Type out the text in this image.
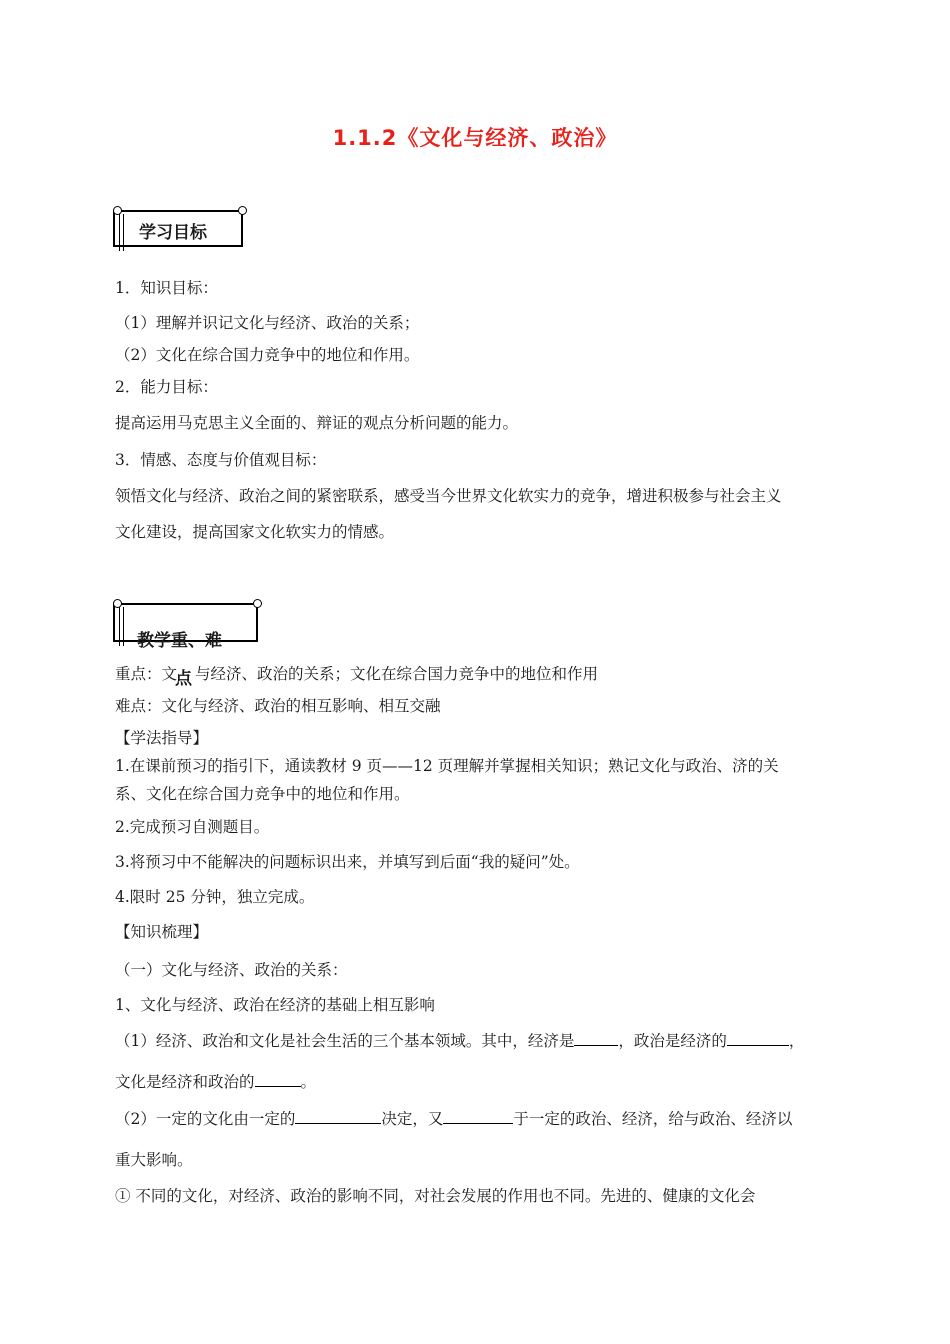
1.1.2《文化与经济、政治》
学习目标
1．知识目标：
（1）理解并识记文化与经济、政治的关系；
（2）文化在综合国力竞争中的地位和作用。
2．能力目标：
提高运用马克思主义全面的、辩证的观点分析问题的能力。
3．情感、态度与价值观目标：
领悟文化与经济、政治之间的紧密联系，感受当今世界文化软实力的竞争，增进积极参与社会主义
文化建设，提高国家文化软实力的情感。
教学重、难
点
重点：文 与经济、政治的关系；文化在综合国力竞争中的地位和作用
难点：文化与经济、政治的相互影响、相互交融
【学法指导】
1.在课前预习的指引下，通读教材 9 页——12 页理解并掌握相关知识；熟记文化与政治、济的关
系、文化在综合国力竞争中的地位和作用。
2.完成预习自测题目。
3.将预习中不能解决的问题标识出来，并填写到后面“我的疑问”处。
4.限时 25 分钟，独立完成。
【知识梳理】
（一）文化与经济、政治的关系：
1、文化与经济、政治在经济的基础上相互影响
（1）经济、政治和文化是社会生活的三个基本领域。其中，经济是	，政治是经济的	，
文化是经济和政治的	。
（2）一定的文化由一定的	决定，又	于一定的政治、经济，给与政治、经济以
重大影响。
① 不同的文化，对经济、政治的影响不同，对社会发展的作用也不同。先进的、健康的文化会
